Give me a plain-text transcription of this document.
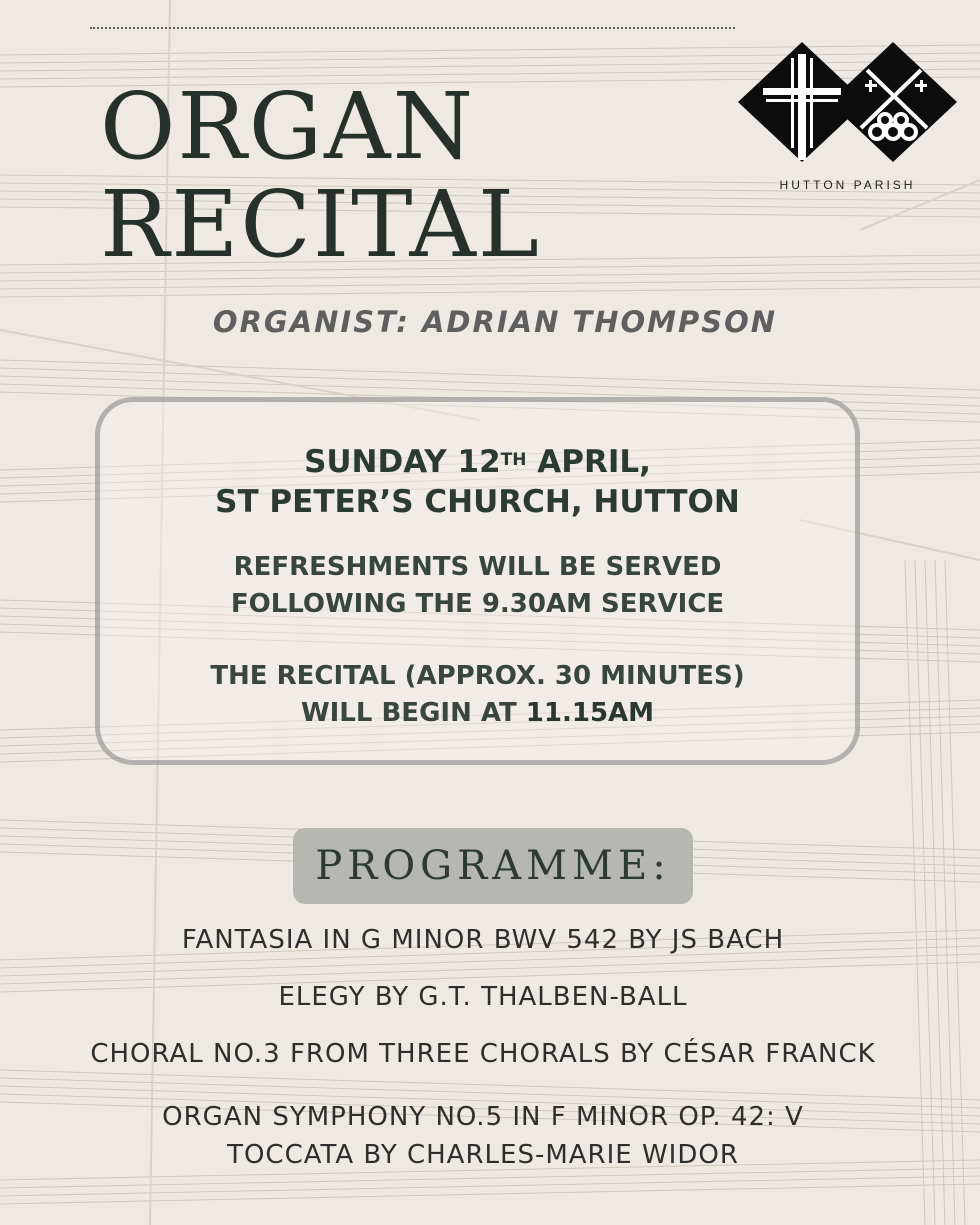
ORGAN
RECITAL	HUTTON PARISH

ORGANIST: ADRIAN THOMPSON

SUNDAY 12TH APRIL,
ST PETER’S CHURCH, HUTTON

REFRESHMENTS WILL BE SERVED
FOLLOWING THE 9.30AM SERVICE

THE RECITAL (APPROX. 30 MINUTES)
WILL BEGIN AT 11.15AM

PROGRAMME:

FANTASIA IN G MINOR BWV 542 BY JS BACH

ELEGY BY G.T. THALBEN-BALL

CHORAL NO.3 FROM THREE CHORALS BY CÉSAR FRANCK

ORGAN SYMPHONY NO.5 IN F MINOR OP. 42: V
TOCCATA BY CHARLES-MARIE WIDOR
